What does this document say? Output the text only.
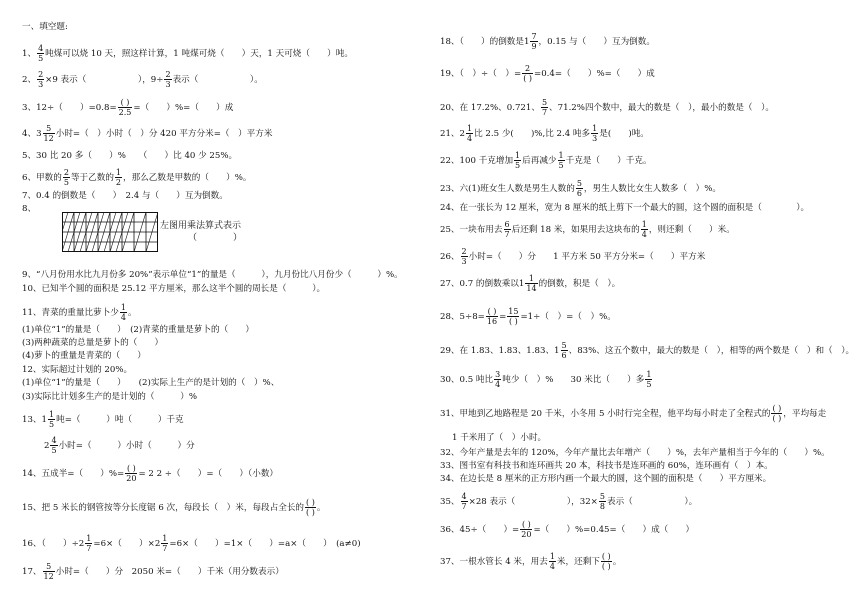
一、填空题:
1、 $\frac{4}{5}$ 吨煤可以烧 10 天，照这样计算，1 吨煤可烧（　　）天，1 天可烧（　　）吨。
2、 $\frac{2}{3} \times 9$ 表示（　　　　　　），$9\div \frac{2}{3}$ 表示（　　　　　　）。
3、12÷（　　）$=0.8= \frac{( )}{2.5}$ =（　　）%=（　　）成
4、$3 \frac{5}{12}$ 小时=（　）小时（　）分 420 平方分米=（　）平方米
5、30 比 20 多（　　）%　　（　　）比 40 少 25%。
6、甲数的 $\frac{2}{5}$ 等于乙数的 $\frac{1}{2}$ ，那么乙数是甲数的（　　）%。
7、0.4 的倒数是（　　）　2.4 与（　　）互为倒数。
8、
左图用乘法算式表示
（　　　　）
9、“八月份用水比九月份多 20%”表示单位“1”的量是（　　　），九月份比八月份少（　　　）%。
10、已知半个圆的面积是 25.12 平方厘米，那么这半个圆的周长是（　　　）。
11、青菜的重量比萝卜少 $\frac{1}{4}$ 。
(1)单位“1”的量是（　　）　(2)青菜的重量是萝卜的（　　）
(3)两种蔬菜的总量是萝卜的（　　）
(4)萝卜的重量是青菜的（　　）
12、实际超过计划的 20%。
(1)单位“1”的量是（　　）　　(2)实际上生产的是计划的（　）%、
(3)实际比计划多生产的是计划的（　　　）%
13、$1 \frac{1}{5}$ 吨=（　　　）吨（　　　）千克
$2 \frac{4}{5}$ 小时=（　　　）小时（　　　）分
14、五成半=（　　）%= $\frac{( )}{20} = 2$ 2 ÷（　　）=（　　）（小数）
15、把 5 米长的钢管按等分长度锯 6 次，每段长（　）米，每段占全长的 $\frac{( )}{( )}$ 。
16、（　　）$\div 2 \frac{1}{7} =6\times$（　　）$\times 2 \frac{1}{7} =6\times$（　　）=1×（　　）=a×（　　）　(a≠0)
17、 $\frac{5}{12}$ 小时=（　　）分　2050 米=（　　）千米（用分数表示）
18、（　　）的倒数是$1 \frac{7}{9}$ ，0.15 与（　　）互为倒数。
19、（　）÷（　）= $\frac{2}{( )} =0.4=$（　　）%=（　　）成
20、在 17.2%、0.721、 $\frac{5}{7}$ 、71.2%四个数中，最大的数是（　），最小的数是（　）。
21、$2 \frac{1}{4}$ 比 2.5 少(　　)%,比 2.4 吨多 $\frac{1}{3}$ 是(　　)吨。
22、100 千克增加 $\frac{1}{5}$ 后再减少 $\frac{1}{5}$ 千克是（　　）千克。
23、六(1)班女生人数是男生人数的 $\frac{5}{6}$ ，男生人数比女生人数多（　）%。
24、在一张长为 12 厘米，宽为 8 厘米的纸上剪下一个最大的圆，这个圆的面积是（　　　　）。
25、一块布用去 $\frac{6}{7}$ 后还剩 18 米，如果用去这块布的 $\frac{1}{4}$ ，则还剩（　　）米。
26、 $\frac{2}{3}$ 小时=（　　）分　　1 平方米 50 平方分米=（　　）平方米
27、0.7 的倒数乘以$1 \frac{1}{14}$ 的倒数，积是（　）。
28、$5\div 8= \frac{( )}{16} = \frac{15}{( )} =1\div$（　）=（　）%。
29、在 1.83、1.83、1.83、$1 \frac{5}{6}$ 、83%、这五个数中，最大的数是（　），相等的两个数是（　）和（　）。
30、0.5 吨比 $\frac{3}{4}$ 吨少（　）%　　30 米比（　　）多 $\frac{1}{5}$
31、甲地到乙地路程是 20 千米，小冬用 5 小时行完全程，他平均每小时走了全程式的 $\frac{( )}{( )}$ ，平均每走
1 千米用了（　）小时。
32、今年产量是去年的 120%，今年产量比去年增产（　　）%，去年产量相当于今年的（　　）%。
33、图书室有科技书和连环画共 20 本，科技书是连环画的 60%，连环画有（　）本。
34、在边长是 8 厘米的正方形内画一个最大的圆，这个圆的面积是（　　）平方厘米。
35、 $\frac{4}{7} \times 28$ 表示（　　　　　　），$32\times \frac{5}{8}$ 表示（　　　　　　）。
36、45÷（　　）= $\frac{( )}{20}$ =（　　）%=0.45=（　　）成（　　）
37、一根水管长 4 米，用去 $\frac{1}{4}$ 米，还剩下 $\frac{( )}{( )}$ 。
